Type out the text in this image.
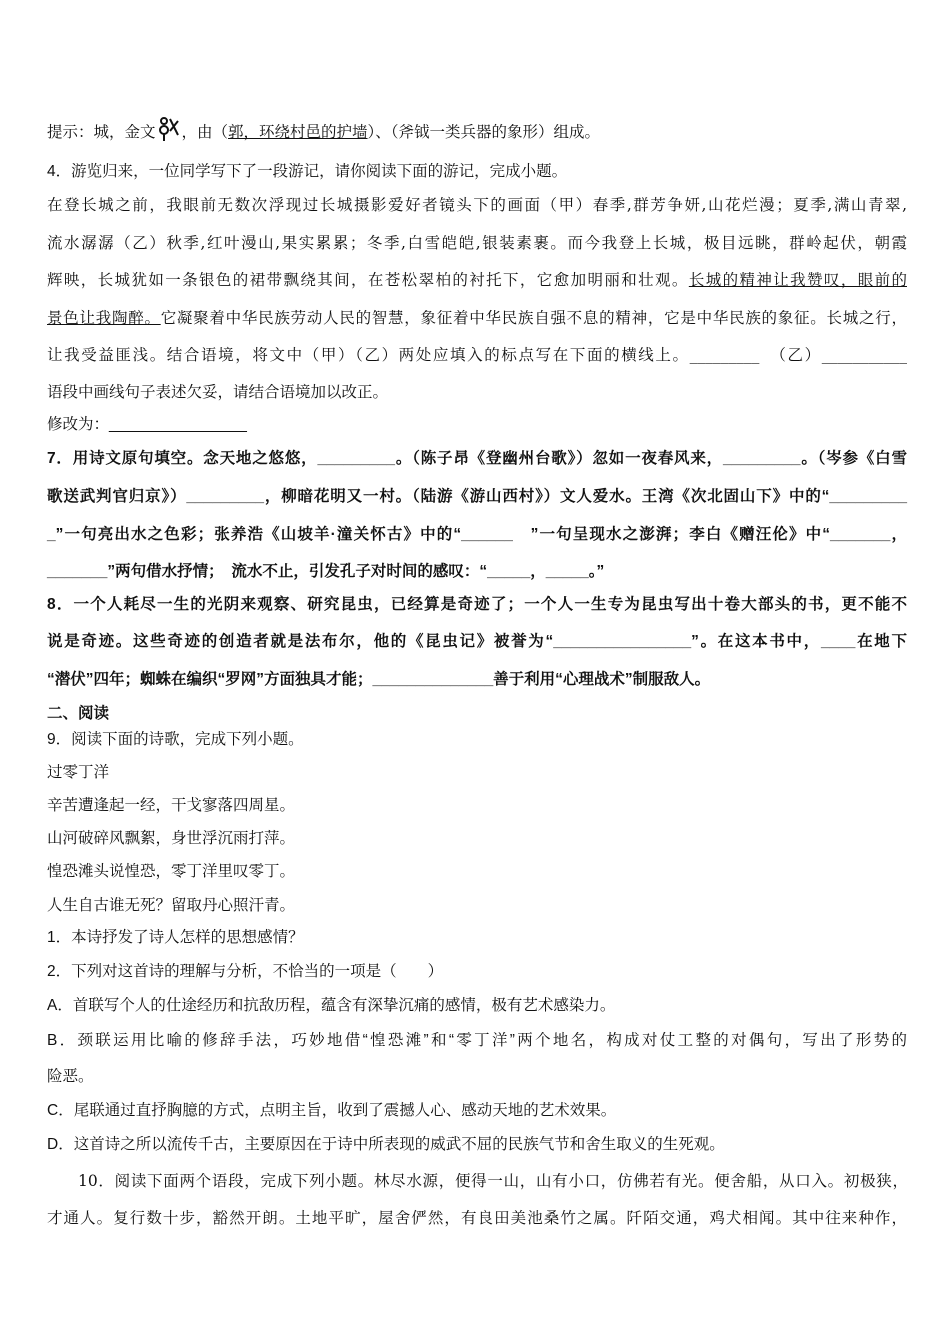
提示：城，金文 ，由（郭，环绕村邑的护墙）、（斧钺一类兵器的象形）组成。
4．游览归来，一位同学写下了一段游记，请你阅读下面的游记，完成小题。
在登长城之前，我眼前无数次浮现过长城摄影爱好者镜头下的画面（甲）春季,群芳争妍,山花烂漫；夏季,满山青翠,
流水潺潺（乙）秋季,红叶漫山,果实累累；冬季,白雪皑皑,银装素裹。而今我登上长城，极目远眺，群岭起伏，朝霞
辉映，长城犹如一条银色的裙带飘绕其间，在苍松翠柏的衬托下，它愈加明丽和壮观。长城的精神让我赞叹，眼前的
景色让我陶醉。它凝聚着中华民族劳动人民的智慧，象征着中华民族自强不息的精神，它是中华民族的象征。长城之行，
让我受益匪浅。结合语境，将文中（甲）（乙）两处应填入的标点写在下面的横线上。_________　（乙）___________
语段中画线句子表述欠妥，请结合语境加以改正。
修改为：________________
7．用诗文原句填空。念天地之悠悠，_________。（陈子昂《登幽州台歌》）忽如一夜春风来，_________。（岑参《白雪
歌送武判官归京》）_________，柳暗花明又一村。（陆游《游山西村》）文人爱水。王湾《次北固山下》中的“_________
_”一句亮出水之色彩；张养浩《山坡羊·潼关怀古》中的“______　”一句呈现水之澎湃；李白《赠汪伦》中“_______，
_______”两句借水抒情；　流水不止，引发孔子对时间的感叹：“_____，_____。”
8．一个人耗尽一生的光阴来观察、研究昆虫，已经算是奇迹了；一个人一生专为昆虫写出十卷大部头的书，更不能不
说是奇迹。这些奇迹的创造者就是法布尔，他的《昆虫记》被誉为“________________”。在这本书中，____在地下
“潜伏”四年；蜘蛛在编织“罗网”方面独具才能；______________善于利用“心理战术”制服敌人。
二、阅读
9．阅读下面的诗歌，完成下列小题。
过零丁洋
辛苦遭逢起一经，干戈寥落四周星。
山河破碎风飘絮，身世浮沉雨打萍。
惶恐滩头说惶恐，零丁洋里叹零丁。
人生自古谁无死？留取丹心照汗青。
1．本诗抒发了诗人怎样的思想感情？
2．下列对这首诗的理解与分析，不恰当的一项是（　　）
A．首联写个人的仕途经历和抗敌历程，蕴含有深挚沉痛的感情，极有艺术感染力。
B．颈联运用比喻的修辞手法，巧妙地借“惶恐滩”和“零丁洋”两个地名，构成对仗工整的对偶句，写出了形势的
险恶。
C．尾联通过直抒胸臆的方式，点明主旨，收到了震撼人心、感动天地的艺术效果。
D．这首诗之所以流传千古，主要原因在于诗中所表现的威武不屈的民族气节和舍生取义的生死观。
10．阅读下面两个语段，完成下列小题。林尽水源，便得一山，山有小口，仿佛若有光。便舍船，从口入。初极狭，
才通人。复行数十步，豁然开朗。土地平旷，屋舍俨然，有良田美池桑竹之属。阡陌交通，鸡犬相闻。其中往来种作，
